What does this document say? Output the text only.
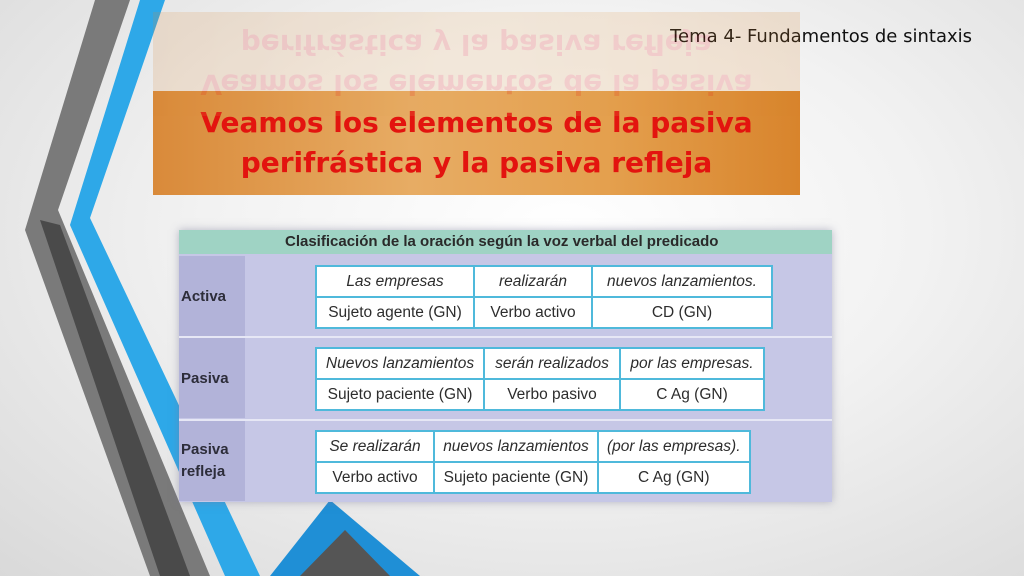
Tema 4- Fundamentos de sintaxis
Veamos los elementos de la pasiva
perifrástica y la pasiva refleja
Veamos los elementos de la pasiva perifrástica y la pasiva refleja
Clasificación de la oración según la voz verbal del predicado
Activa
Las empresas	realizarán	nuevos lanzamientos.
Sujeto agente (GN)	Verbo activo	CD (GN)
Pasiva
Nuevos lanzamientos	serán realizados	por las empresas.
Sujeto paciente (GN)	Verbo pasivo	C Ag (GN)
Pasiva
refleja
Se realizarán	nuevos lanzamientos	(por las empresas).
Verbo activo	Sujeto paciente (GN)	C Ag (GN)
